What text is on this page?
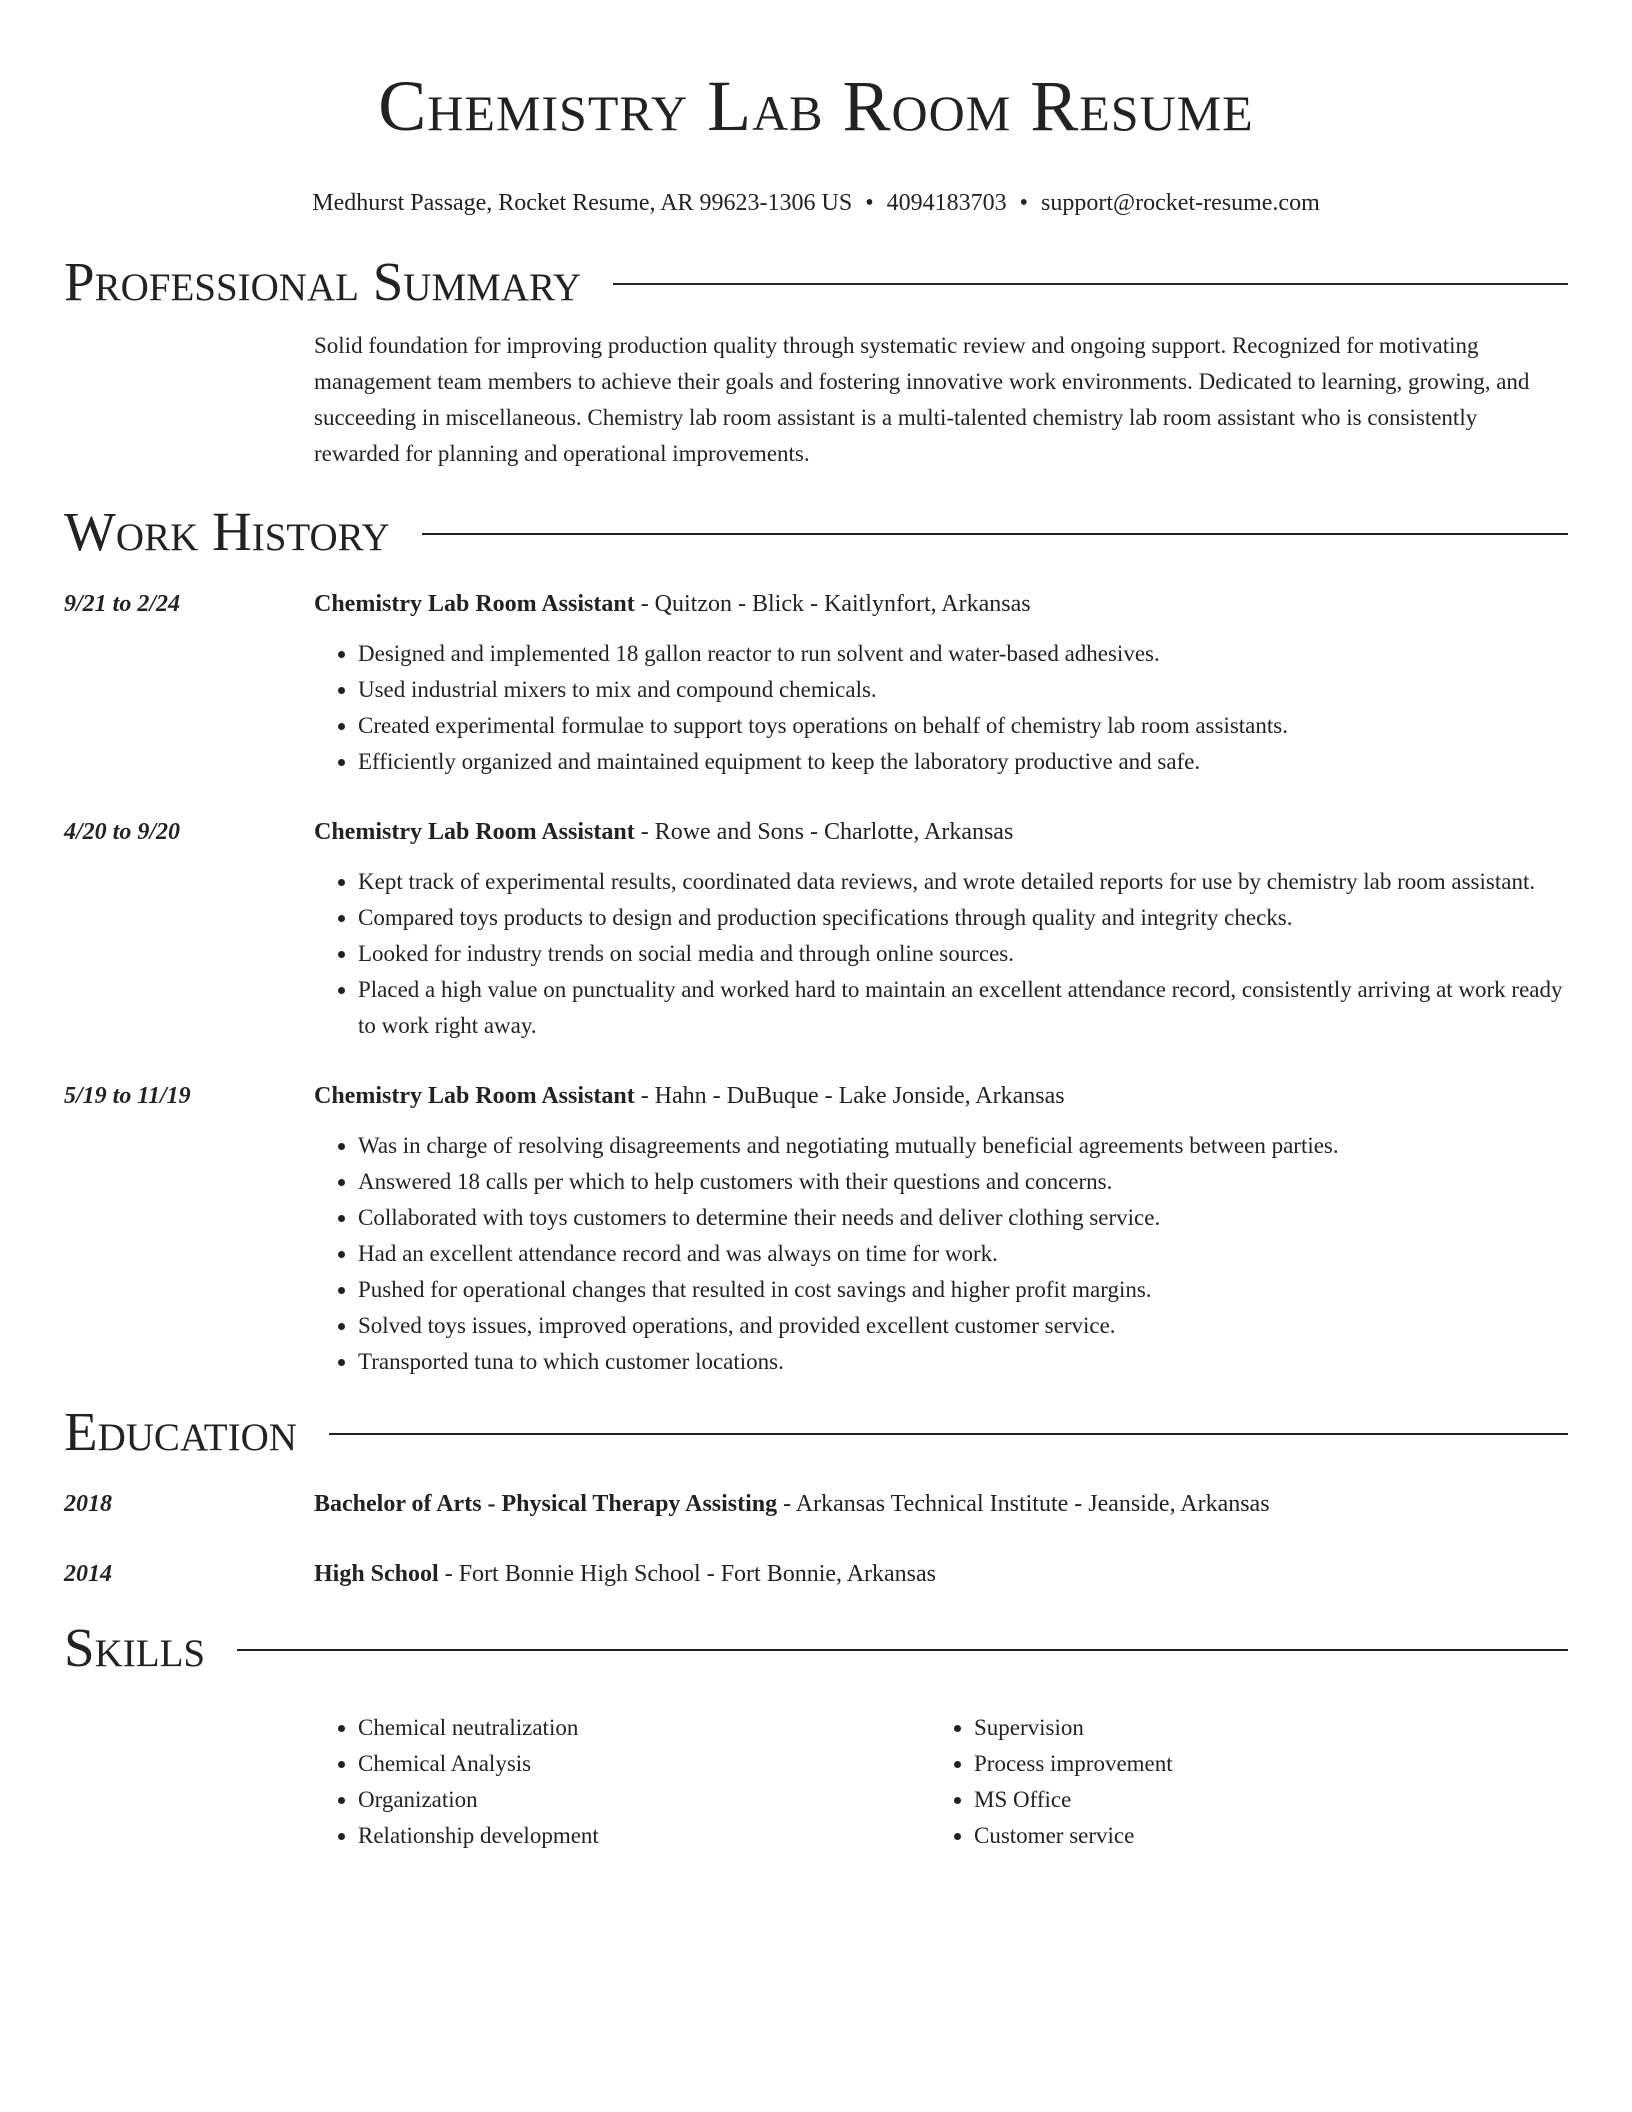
Chemistry Lab Room Resume
Medhurst Passage, Rocket Resume, AR 99623-1306 US • 4094183703 • support@rocket-resume.com
Professional Summary
Solid foundation for improving production quality through systematic review and ongoing support. Recognized for motivating management team members to achieve their goals and fostering innovative work environments. Dedicated to learning, growing, and succeeding in miscellaneous. Chemistry lab room assistant is a multi-talented chemistry lab room assistant who is consistently rewarded for planning and operational improvements.
Work History
9/21 to 2/24	Chemistry Lab Room Assistant - Quitzon - Blick - Kaitlynfort, Arkansas
• Designed and implemented 18 gallon reactor to run solvent and water-based adhesives.
• Used industrial mixers to mix and compound chemicals.
• Created experimental formulae to support toys operations on behalf of chemistry lab room assistants.
• Efficiently organized and maintained equipment to keep the laboratory productive and safe.
4/20 to 9/20	Chemistry Lab Room Assistant - Rowe and Sons - Charlotte, Arkansas
• Kept track of experimental results, coordinated data reviews, and wrote detailed reports for use by chemistry lab room assistant.
• Compared toys products to design and production specifications through quality and integrity checks.
• Looked for industry trends on social media and through online sources.
• Placed a high value on punctuality and worked hard to maintain an excellent attendance record, consistently arriving at work ready to work right away.
5/19 to 11/19	Chemistry Lab Room Assistant - Hahn - DuBuque - Lake Jonside, Arkansas
• Was in charge of resolving disagreements and negotiating mutually beneficial agreements between parties.
• Answered 18 calls per which to help customers with their questions and concerns.
• Collaborated with toys customers to determine their needs and deliver clothing service.
• Had an excellent attendance record and was always on time for work.
• Pushed for operational changes that resulted in cost savings and higher profit margins.
• Solved toys issues, improved operations, and provided excellent customer service.
• Transported tuna to which customer locations.
Education
2018	Bachelor of Arts - Physical Therapy Assisting - Arkansas Technical Institute - Jeanside, Arkansas
2014	High School - Fort Bonnie High School - Fort Bonnie, Arkansas
Skills
• Chemical neutralization
• Chemical Analysis
• Organization
• Relationship development
• Supervision
• Process improvement
• MS Office
• Customer service
